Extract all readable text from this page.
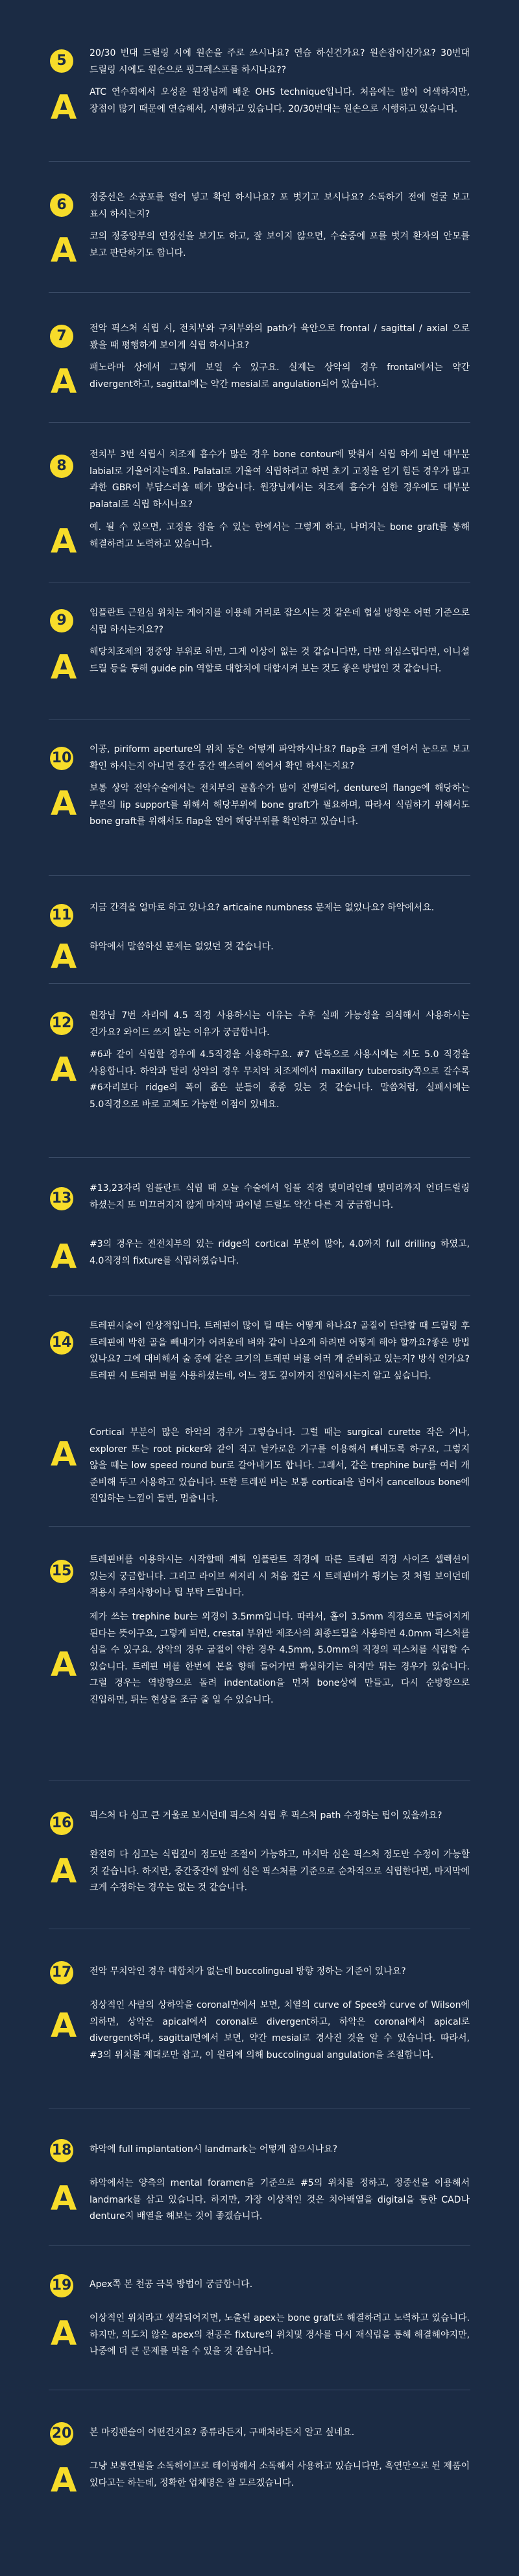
5	20/30 번대 드릴링 시에 원손을 주로 쓰시나요? 연습 하신건가요? 원손잡이신가요? 30번대 드릴링 시에도 원손으로 핑그레스프를 하시나요??
A ATC 연수회에서 오성윤 원장님께 배운 OHS technique입니다. 처음에는 많이 어색하지만, 장점이 많기 때문에 연습해서, 시행하고 있습니다. 20/30번대는 원손으로 시행하고 있습니다.
6	정중선은 소공포를 열어 넣고 확인 하시나요? 포 벗기고 보시나요? 소독하기 전에 얼굴 보고 표시 하시는지?
A 코의 정중앙부의 연장선을 보기도 하고, 잘 보이지 않으면, 수술중에 포를 벗겨 환자의 안모를 보고 판단하기도 합니다.
7	전악 픽스처 식립 시, 전치부와 구치부와의 path가 육안으로 frontal / sagittal / axial 으로 봤을 때 평행하게 보이게 식립 하시나요?
A 패노라마 상에서 그렇게 보일 수 있구요. 실제는 상악의 경우 frontal에서는 약간 divergent하고, sagittal에는 약간 mesial로 angulation되어 있습니다.
8
전치부 3번 식립시 치조제 흡수가 많은 경우 bone contour에 맞춰서 식립 하게 되면 대부분 labial로 기울어지는데요. Palatal로 기울여 식립하려고 하면 초기 고정을 얻기 힘든 경우가 많고 과한 GBR이 부담스러울 때가 많습니다. 원장님께서는 치조제 흡수가 심한 경우에도 대부분 palatal로 식립 하시나요?
A 예. 될 수 있으면, 고정을 잡을 수 있는 한에서는 그렇게 하고, 나머지는 bone graft를 통해 해결하려고 노력하고 있습니다.
9	임플란트 근원심 위치는 게이지를 이용해 거리로 잡으시는 것 같은데 협설 방향은 어떤 기준으로 식립 하시는지요??
A 해당치조제의 정중앙 부위로 하면, 그게 이상이 없는 것 같습니다만, 다만 의심스럽다면, 이니셜 드릴 등을 통해 guide pin 역할로 대합치에 대합시켜 보는 것도 좋은 방법인 것 같습니다.
10
이공, piriform aperture의 위치 등은 어떻게 파악하시나요? flap을 크게 열어서 눈으로 보고 확인 하시는지 아니면 중간 중간 엑스레이 찍어서 확인 하시는지요?
A 보통 상악 전악수술에서는 전치부의 골흡수가 많이 진행되어, denture의 flange에 해당하는 부분의 lip support를 위해서 해당부위에 bone graft가 필요하며, 따라서 식립하기 위해서도 bone graft를 위해서도 flap을 열어 해당부위를 확인하고 있습니다.
11 지금 간격을 얼마로 하고 있나요? articaine numbness 문제는 없었나요? 하악에서요.
A 하악에서 말씀하신 문제는 없었던 것 같습니다.
12 원장님 7번 자리에 4.5 직경 사용하시는 이유는 추후 실패 가능성을 의식해서 사용하시는 건가요? 와이드 쓰지 않는 이유가 궁금합니다.
A #6과 같이 식립할 경우에 4.5직경을 사용하구요. #7 단독으로 사용시에는 저도 5.0 직경을 사용합니다. 하악과 달리 상악의 경우 무치악 치조제에서 maxillary tuberosity쪽으로 갈수록 #6자리보다 ridge의 폭이 좁은 분들이 종종 있는 것 같습니다. 말씀처럼, 실패시에는 5.0직경으로 바로 교체도 가능한 이점이 있네요.
13
#13,23자리 임플란트 식립 때 오늘 수술에서 임플 직경 몇미리인데 몇미리까지 언더드릴링 하셨는지 또 미끄러지지 않게 마지막 파이널 드릴도 약간 다른 지 궁금합니다.
A #3의 경우는 전전치부의 있는 ridge의 cortical 부분이 많아, 4.0까지 full drilling 하였고, 4.0직경의 fixture를 식립하였습니다.
14
트레핀시술이 인상적입니다. 트레핀이 많이 틸 때는 어떻게 하나요? 골질이 단단할 때 드릴링 후 트레핀에 박힌 골을 빼내기가 어려운데 벼와 같이 나오게 하려면 어떻게 해야 할까요?좋은 방법 있나요? 그에 대비해서 술 중에 같은 크기의 트레핀 버를 여러 개 준비하고 있는지? 방식 인가요? 트레핀 시 트레핀 버를 사용하셨는데, 어느 정도 깊이까지 진입하시는지 알고 싶습니다.
A
Cortical 부분이 많은 하악의 경우가 그렇습니다. 그럴 때는 surgical curette 작은 거나, explorer 또는 root picker와 같이 직고 날카로운 기구를 이용해서 빼내도록 하구요, 그렇지 않을 때는 low speed round bur로 갈아내기도 합니다. 그래서, 같은 trephine bur를 여러 개 준비해 두고 사용하고 있습니다. 또한 트레핀 버는 보통 cortical을 넘어서 cancellous bone에 진입하는 느낌이 들면, 멈춥니다.
15
트레핀버를 이용하시는 시작할때 계획 임플란트 직경에 따른 트레핀 직경 사이즈 셀렉션이 있는지 궁금합니다. 그리고 라이브 써저리 시 처음 접근 시 트레핀버가 튕기는 것 처럼 보이던데 적용시 주의사항이나 팁 부탁 드립니다.
A
제가 쓰는 trephine bur는 외경이 3.5mm입니다. 따라서, 홀이 3.5mm 직경으로 만들어지게 된다는 뜻이구요, 그렇게 되면, crestal 부위만 제조사의 최종드릴을 사용하면 4.0mm 픽스처를 심을 수 있구요. 상악의 경우 굴절이 약한 경우 4.5mm, 5.0mm의 직경의 픽스처를 식립할 수 있습니다. 트레핀 버를 한번에 본을 향해 들어가면 확실하기는 하지만 튀는 경우가 있습니다. 그럴 경우는 역방향으로 돌려 indentation을 먼저 bone상에 만들고, 다시 순방향으로 진입하면, 튀는 현상을 조금 줄 일 수 있습니다.
16 픽스처 다 심고 큰 거울로 보시던데 픽스처 식립 후 픽스처 path 수정하는 팁이 있을까요?
A 완전히 다 심고는 식립깊이 정도만 조절이 가능하고, 마지막 심은 픽스처 정도만 수정이 가능할 것 같습니다. 하지만, 중간중간에 앞에 심은 픽스처를 기준으로 순차적으로 식립한다면, 마지막에 크게 수정하는 경우는 없는 것 같습니다.
17 전악 무치악인 경우 대합치가 없는데 buccolingual 방향 정하는 기준이 있나요?
A
정상적인 사람의 상하악을 coronal면에서 보면, 치열의 curve of Spee와 curve of Wilson에 의하면, 상악은 apical에서 coronal로 divergent하고, 하악은 coronal에서 apical로 divergent하며, sagittal면에서 보면, 약간 mesial로 경사진 것을 알 수 있습니다. 따라서, #3의 위치를 제대로만 잡고, 이 원리에 의해 buccolingual angulation을 조절합니다.
18 하악에 full implantation시 landmark는 어떻게 잡으시나요?
A 하악에서는 양측의 mental foramen을 기준으로 #5의 위치를 정하고, 정중선을 이용해서 landmark를 삼고 있습니다. 하지만, 가장 이상적인 것은 치아배열을 digital을 통한 CAD나 denture지 배열을 해보는 것이 좋겠습니다.
19 Apex쪽 본 천공 극복 방법이 궁금합니다.
A 이상적인 위치라고 생각되어지면, 노출된 apex는 bone graft로 해결하려고 노력하고 있습니다. 하지만, 의도치 않은 apex의 천공은 fixture의 위치및 경사를 다시 재식립을 통해 해결해야지만, 나중에 더 큰 문제를 막을 수 있을 것 같습니다.
20 본 마킹펜슬이 어떤건지요? 종류라든지, 구매처라든지 알고 싶네요.
A 그냥 보통연필을 소독해이프로 테이핑해서 소독해서 사용하고 있습니다만, 흑연만으로 된 제품이 있다고는 하는데, 정확한 업체명은 잘 모르겠습니다.
